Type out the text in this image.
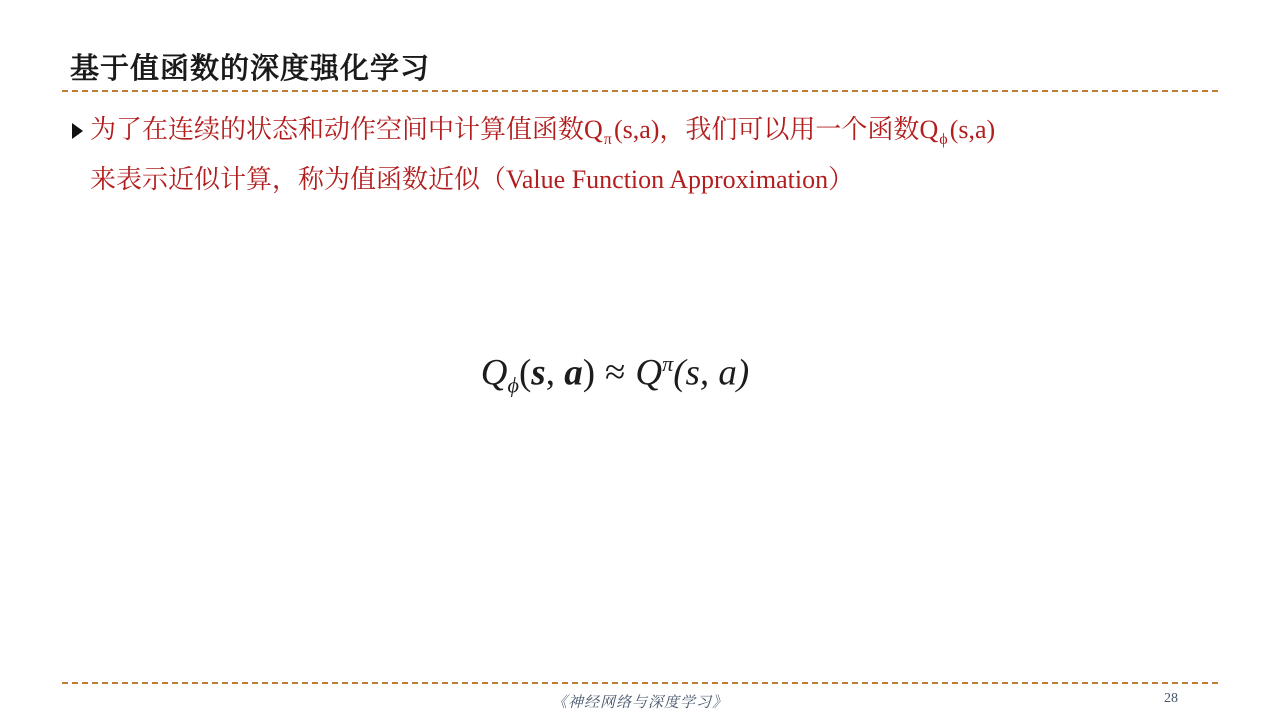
基于值函数的深度强化学习
为了在连续的状态和动作空间中计算值函数$Q_\pi(s,a)$，我们可以用一个函数$Q_\phi(s,a)$
来表示近似计算，称为值函数近似（Value Function Approximation）
$Q_\phi(s$, $a) \approx Q^\pi(s$, a)
《神经网络与深度学习》	28
